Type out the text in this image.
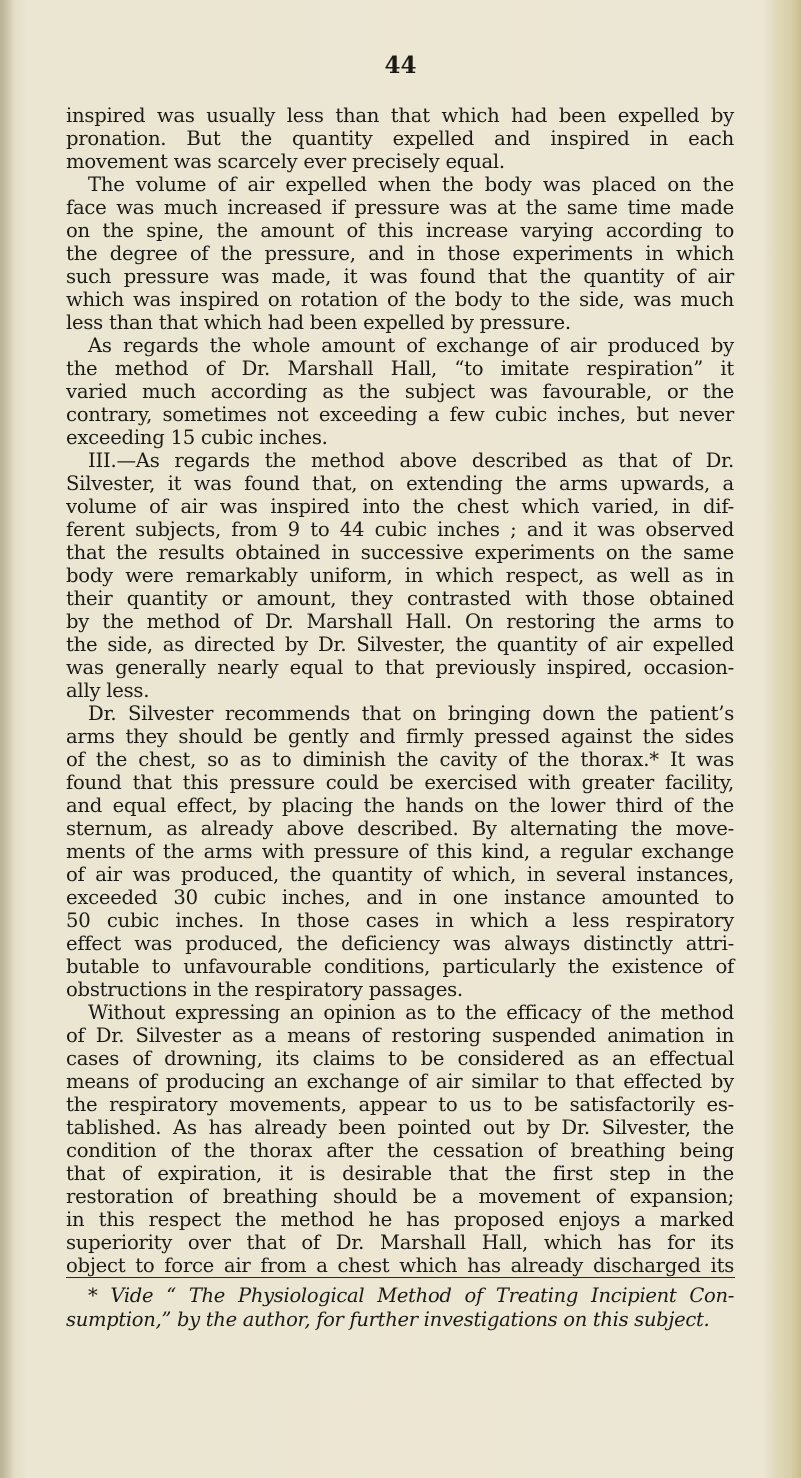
44
inspired was usually less than that which had been expelled by
pronation. But the quantity expelled and inspired in each
movement was scarcely ever precisely equal.
The volume of air expelled when the body was placed on the
face was much increased if pressure was at the same time made
on the spine, the amount of this increase varying according to
the degree of the pressure, and in those experiments in which
such pressure was made, it was found that the quantity of air
which was inspired on rotation of the body to the side, was much
less than that which had been expelled by pressure.
As regards the whole amount of exchange of air produced by
the method of Dr. Marshall Hall, “to imitate respiration” it
varied much according as the subject was favourable, or the
contrary, sometimes not exceeding a few cubic inches, but never
exceeding 15 cubic inches.
III.—As regards the method above described as that of Dr.
Silvester, it was found that, on extending the arms upwards, a
volume of air was inspired into the chest which varied, in dif-
ferent subjects, from 9 to 44 cubic inches ; and it was observed
that the results obtained in successive experiments on the same
body were remarkably uniform, in which respect, as well as in
their quantity or amount, they contrasted with those obtained
by the method of Dr. Marshall Hall. On restoring the arms to
the side, as directed by Dr. Silvester, the quantity of air expelled
was generally nearly equal to that previously inspired, occasion-
ally less.
Dr. Silvester recommends that on bringing down the patient’s
arms they should be gently and firmly pressed against the sides
of the chest, so as to diminish the cavity of the thorax.* It was
found that this pressure could be exercised with greater facility,
and equal effect, by placing the hands on the lower third of the
sternum, as already above described. By alternating the move-
ments of the arms with pressure of this kind, a regular exchange
of air was produced, the quantity of which, in several instances,
exceeded 30 cubic inches, and in one instance amounted to
50 cubic inches. In those cases in which a less respiratory
effect was produced, the deficiency was always distinctly attri-
butable to unfavourable conditions, particularly the existence of
obstructions in the respiratory passages.
Without expressing an opinion as to the efficacy of the method
of Dr. Silvester as a means of restoring suspended animation in
cases of drowning, its claims to be considered as an effectual
means of producing an exchange of air similar to that effected by
the respiratory movements, appear to us to be satisfactorily es-
tablished. As has already been pointed out by Dr. Silvester, the
condition of the thorax after the cessation of breathing being
that of expiration, it is desirable that the first step in the
restoration of breathing should be a movement of expansion;
in this respect the method he has proposed enjoys a marked
superiority over that of Dr. Marshall Hall, which has for its
object to force air from a chest which has already discharged its
* Vide “ The Physiological Method of Treating Incipient Con-
sumption,” by the author, for further investigations on this subject.
